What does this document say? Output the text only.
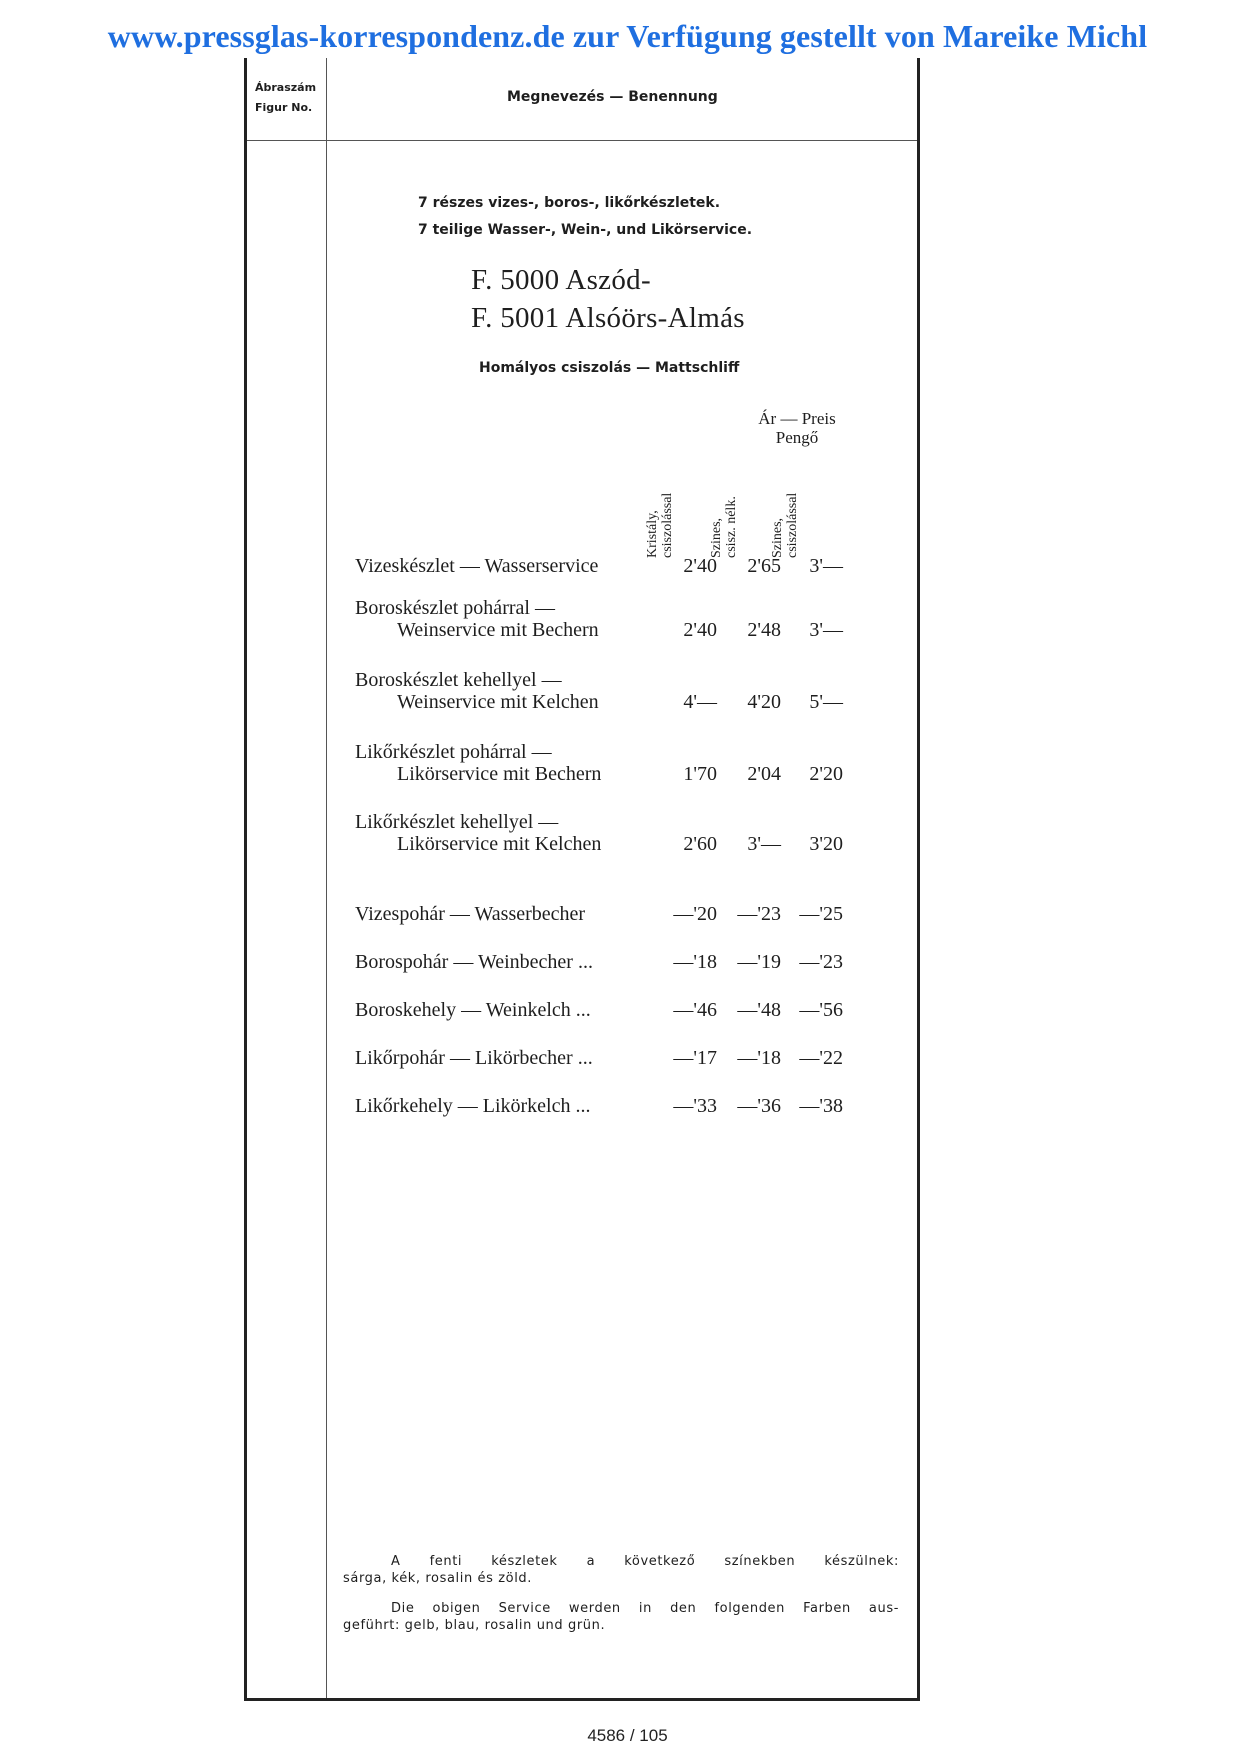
www.pressglas-korrespondenz.de zur Verfügung gestellt von Mareike Michl
Ábraszám
Figur No.
Megnevezés — Benennung
7 részes vizes-, boros-, likőrkészletek.
7 teilige Wasser-, Wein-, und Likörservice.
F. 5000 Aszód-
F. 5001 Alsóörs-Almás
Homályos csiszolás — Mattschliff
Ár — Preis
Pengő
Kristály, csiszolással Szines, csisz. nélk. Szines, csiszolással
Vizeskészlet — Wasserservice	2'40	2'65	3'—
Boroskészlet pohárral —
Weinservice mit Bechern	2'40	2'48	3'—
Boroskészlet kehellyel —
Weinservice mit Kelchen	4'—	4'20	5'—
Likőrkészlet pohárral —
Likörservice mit Bechern	1'70	2'04	2'20
Likőrkészlet kehellyel —
Likörservice mit Kelchen	2'60	3'—	3'20
Vizespohár — Wasserbecher	—'20	—'23 —'25
Borospohár — Weinbecher ...	—'18	—'19 —'23
Boroskehely — Weinkelch ...	—'46	—'48 —'56
Likőrpohár — Likörbecher ...	—'17	—'18 —'22
Likőrkehely — Likörkelch ...	—'33	—'36 —'38
A fenti készletek a következő színekben készülnek:
sárga, kék, rosalin és zöld.
Die obigen Service werden in den folgenden Farben aus-
geführt: gelb, blau, rosalin und grün.
4586 / 105
